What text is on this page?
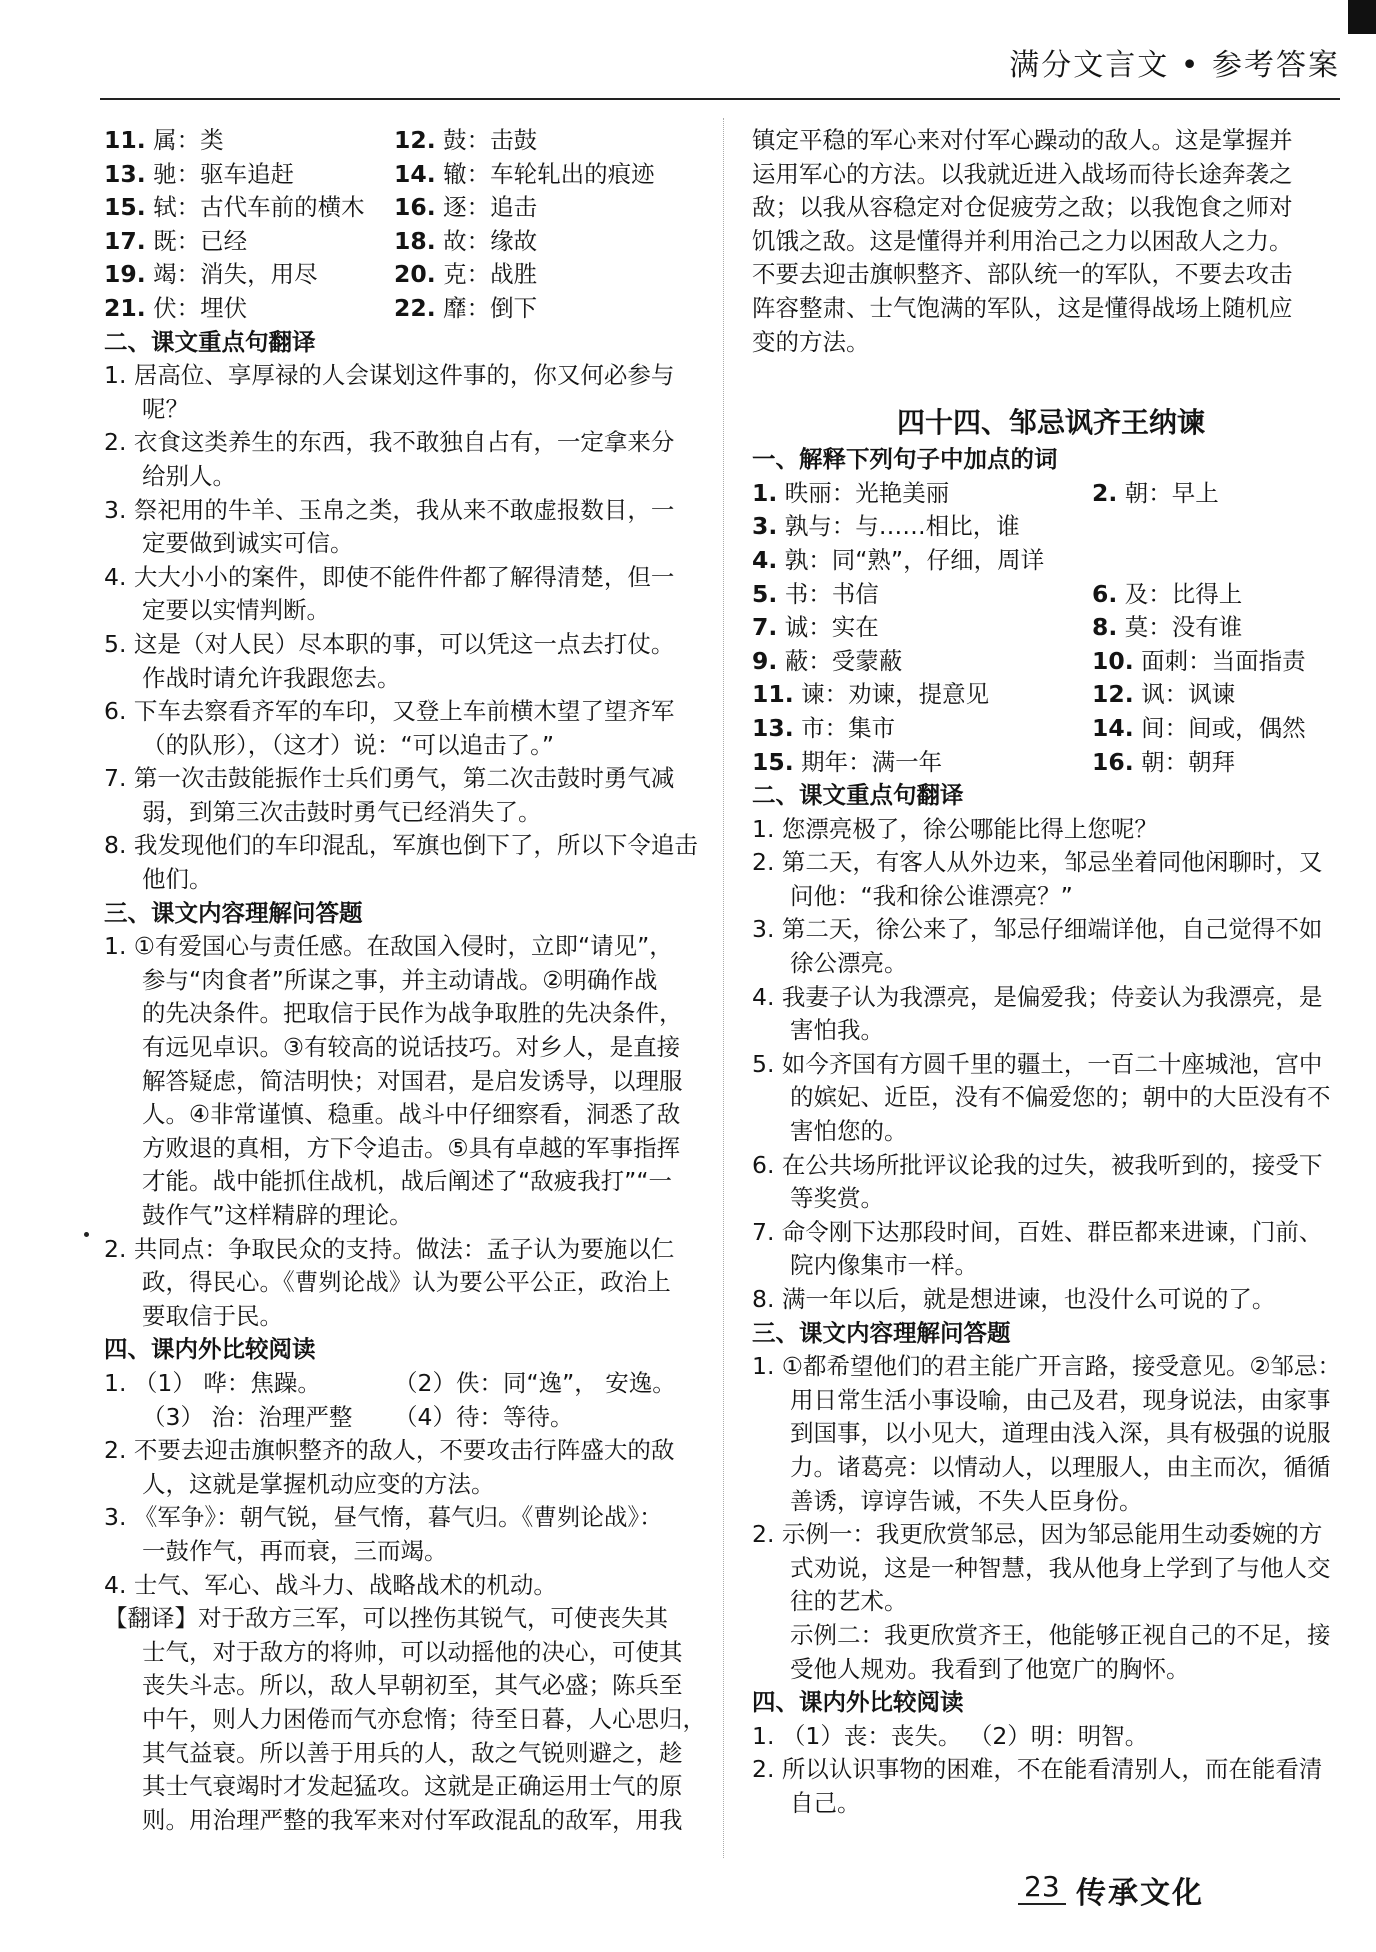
满分文言文 • 参考答案
11. 属：类	12. 鼓：击鼓
13. 驰：驱车追赶	14. 辙：车轮轧出的痕迹
15. 轼：古代车前的横木 16. 逐：追击
17. 既：已经	18. 故：缘故
19. 竭：消失，用尽	20. 克：战胜
21. 伏：埋伏	22. 靡：倒下
二、课文重点句翻译
1. 居高位、享厚禄的人会谋划这件事的，你又何必参与
呢？
2. 衣食这类养生的东西，我不敢独自占有，一定拿来分
给别人。
3. 祭祀用的牛羊、玉帛之类，我从来不敢虚报数目，一
定要做到诚实可信。
4. 大大小小的案件，即使不能件件都了解得清楚，但一
定要以实情判断。
5. 这是（对人民）尽本职的事，可以凭这一点去打仗。
作战时请允许我跟您去。
6. 下车去察看齐军的车印，又登上车前横木望了望齐军
（的队形），（这才）说：“可以追击了。”
7. 第一次击鼓能振作士兵们勇气，第二次击鼓时勇气减
弱，到第三次击鼓时勇气已经消失了。
8. 我发现他们的车印混乱，军旗也倒下了，所以下令追击
他们。
三、课文内容理解问答题
1. ①有爱国心与责任感。在敌国入侵时，立即“请见”，
参与“肉食者”所谋之事，并主动请战。②明确作战
的先决条件。把取信于民作为战争取胜的先决条件，
有远见卓识。③有较高的说话技巧。对乡人，是直接
解答疑虑，简洁明快；对国君，是启发诱导，以理服
人。④非常谨慎、稳重。战斗中仔细察看，洞悉了敌
方败退的真相，方下令追击。⑤具有卓越的军事指挥
才能。战中能抓住战机，战后阐述了“敌疲我打”“一
鼓作气”这样精辟的理论。
2. 共同点：争取民众的支持。做法：孟子认为要施以仁
政，得民心。《曹刿论战》认为要公平公正，政治上
要取信于民。
四、课内外比较阅读
1. （1） 哗：焦躁。	（2）佚：同“逸”， 安逸。
（3） 治：治理严整 （4）待：等待。
2. 不要去迎击旗帜整齐的敌人，不要攻击行阵盛大的敌
人，这就是掌握机动应变的方法。
3. 《军争》：朝气锐，昼气惰，暮气归。《曹刿论战》：
一鼓作气，再而衰，三而竭。
4. 士气、军心、战斗力、战略战术的机动。
【翻译】对于敌方三军，可以挫伤其锐气，可使丧失其
士气，对于敌方的将帅，可以动摇他的决心，可使其
丧失斗志。所以，敌人早朝初至，其气必盛；陈兵至
中午，则人力困倦而气亦怠惰；待至日暮，人心思归，
其气益衰。所以善于用兵的人，敌之气锐则避之，趁
其士气衰竭时才发起猛攻。这就是正确运用士气的原
则。用治理严整的我军来对付军政混乱的敌军，用我
镇定平稳的军心来对付军心躁动的敌人。这是掌握并
运用军心的方法。以我就近进入战场而待长途奔袭之
敌；以我从容稳定对仓促疲劳之敌；以我饱食之师对
饥饿之敌。这是懂得并利用治己之力以困敌人之力。
不要去迎击旗帜整齐、部队统一的军队，不要去攻击
阵容整肃、士气饱满的军队，这是懂得战场上随机应
变的方法。
四十四、邹忌讽齐王纳谏
一、解释下列句子中加点的词
1. 昳丽：光艳美丽	2. 朝：早上
3. 孰与：与……相比，谁
4. 孰：同“熟”，仔细，周详
5. 书：书信	6. 及：比得上
7. 诚：实在	8. 莫：没有谁
9. 蔽：受蒙蔽	10. 面刺：当面指责
11. 谏：劝谏，提意见	12. 讽：讽谏
13. 市：集市	14. 间：间或，偶然
15. 期年：满一年	16. 朝：朝拜
二、课文重点句翻译
1. 您漂亮极了，徐公哪能比得上您呢？
2. 第二天，有客人从外边来，邹忌坐着同他闲聊时，又
问他：“我和徐公谁漂亮？”
3. 第二天，徐公来了，邹忌仔细端详他，自己觉得不如
徐公漂亮。
4. 我妻子认为我漂亮，是偏爱我；侍妾认为我漂亮，是
害怕我。
5. 如今齐国有方圆千里的疆土，一百二十座城池，宫中
的嫔妃、近臣，没有不偏爱您的；朝中的大臣没有不
害怕您的。
6. 在公共场所批评议论我的过失，被我听到的，接受下
等奖赏。
7. 命令刚下达那段时间，百姓、群臣都来进谏，门前、
院内像集市一样。
8. 满一年以后，就是想进谏，也没什么可说的了。
三、课文内容理解问答题
1. ①都希望他们的君主能广开言路，接受意见。②邹忌：
用日常生活小事设喻，由己及君，现身说法，由家事
到国事，以小见大，道理由浅入深，具有极强的说服
力。诸葛亮：以情动人，以理服人，由主而次，循循
善诱，谆谆告诫，不失人臣身份。
2. 示例一：我更欣赏邹忌，因为邹忌能用生动委婉的方
式劝说，这是一种智慧，我从他身上学到了与他人交
往的艺术。
示例二：我更欣赏齐王，他能够正视自己的不足，接
受他人规劝。我看到了他宽广的胸怀。
四、课内外比较阅读
1. （1）丧：丧失。 （2）明：明智。
2. 所以认识事物的困难，不在能看清别人，而在能看清
自己。
23 传承文化
